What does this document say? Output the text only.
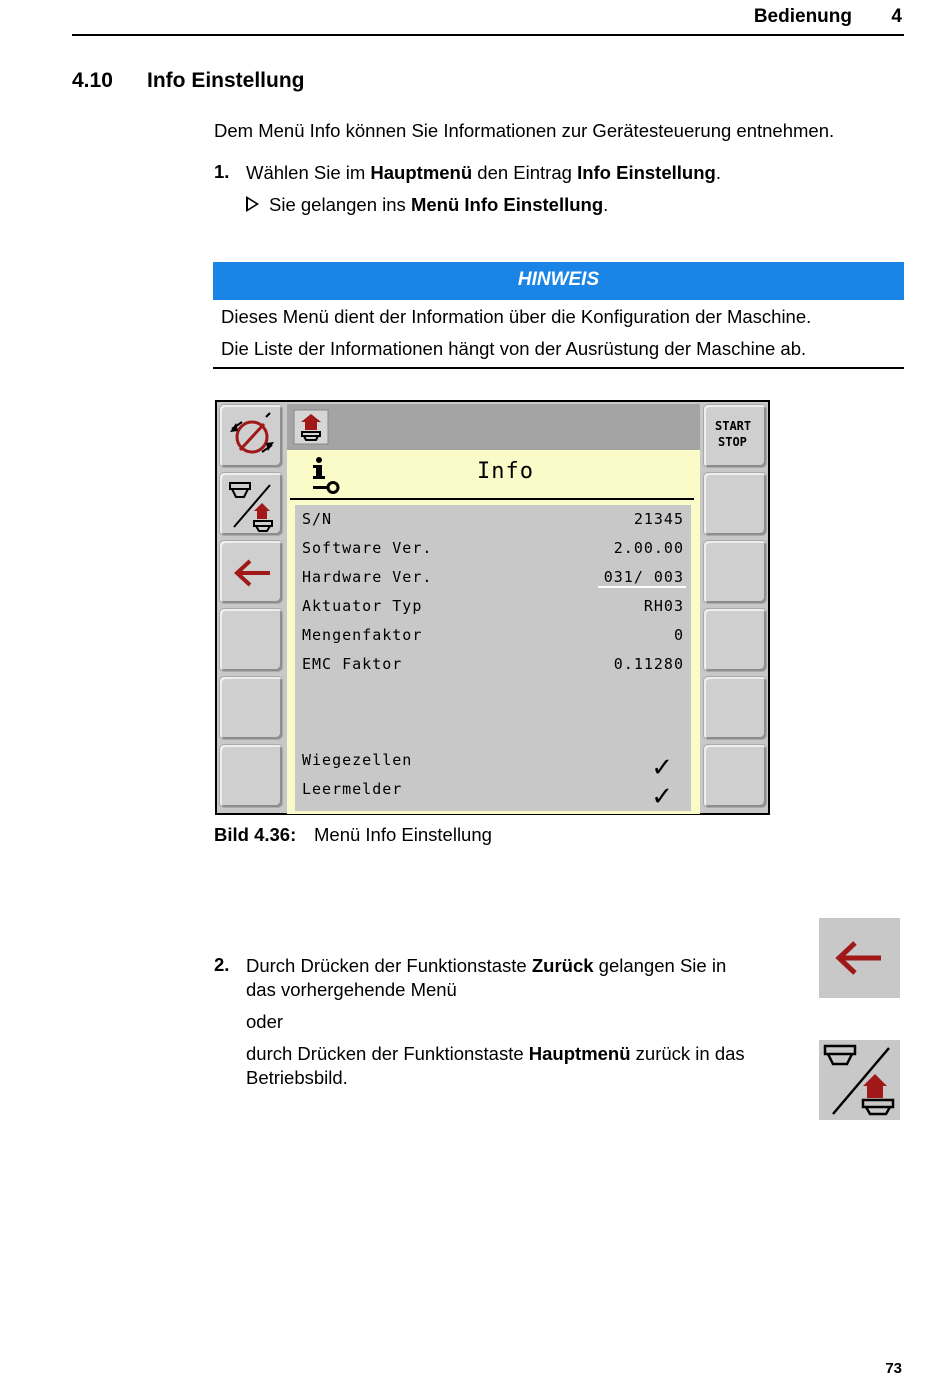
Bedienung 4
4.10 Info Einstellung
Dem Menü Info können Sie Informationen zur Gerätesteuerung entnehmen.
1. Wählen Sie im Hauptmenü den Eintrag Info Einstellung.
Sie gelangen ins Menü Info Einstellung.
HINWEIS
Dieses Menü dient der Information über die Konfiguration der Maschine.
Die Liste der Informationen hängt von der Ausrüstung der Maschine ab.
START
STOP
Info
S/N	21345
Software Ver.	2.00.00
Hardware Ver.	031/ 003
Aktuator Typ	RH03
Mengenfaktor	0
EMC Faktor	0.11280
Wiegezellen	✓
Leermelder	✓
Bild 4.36: Menü Info Einstellung
2. Durch Drücken der Funktionstaste Zurück gelangen Sie in
das vorhergehende Menü
oder
durch Drücken der Funktionstaste Hauptmenü zurück in das
Betriebsbild.
73
